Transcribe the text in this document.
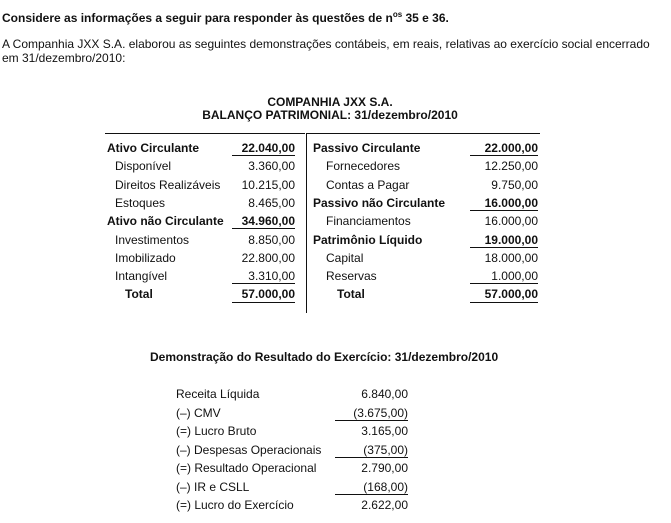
Considere as informações a seguir para responder às questões de $n^{os}$ 35 e 36.
A Companhia JXX S.A. elaborou as seguintes demonstrações contábeis, em reais, relativas ao exercício social encerrado
em 31/dezembro/2010:
COMPANHIA JXX S.A.
BALANÇO PATRIMONIAL: 31/dezembro/2010
Ativo Circulante	22.040,00
Disponível	3.360,00
Direitos Realizáveis	10.215,00
Estoques	8.465,00
Ativo não Circulante	34.960,00
Investimentos	8.850,00
Imobilizado	22.800,00
Intangível	3.310,00
Total	57.000,00
Passivo Circulante	22.000,00
Fornecedores	12.250,00
Contas a Pagar	9.750,00
Passivo não Circulante	16.000,00
Financiamentos	16.000,00
Patrimônio Líquido	19.000,00
Capital	18.000,00
Reservas	1.000,00
Total	57.000,00
Demonstração do Resultado do Exercício: 31/dezembro/2010
Receita Líquida	6.840,00
(–) CMV	(3.675,00)
(=) Lucro Bruto	3.165,00
(–) Despesas Operacionais	(375,00)
(=) Resultado Operacional	2.790,00
(–) IR e CSLL	(168,00)
(=) Lucro do Exercício	2.622,00
